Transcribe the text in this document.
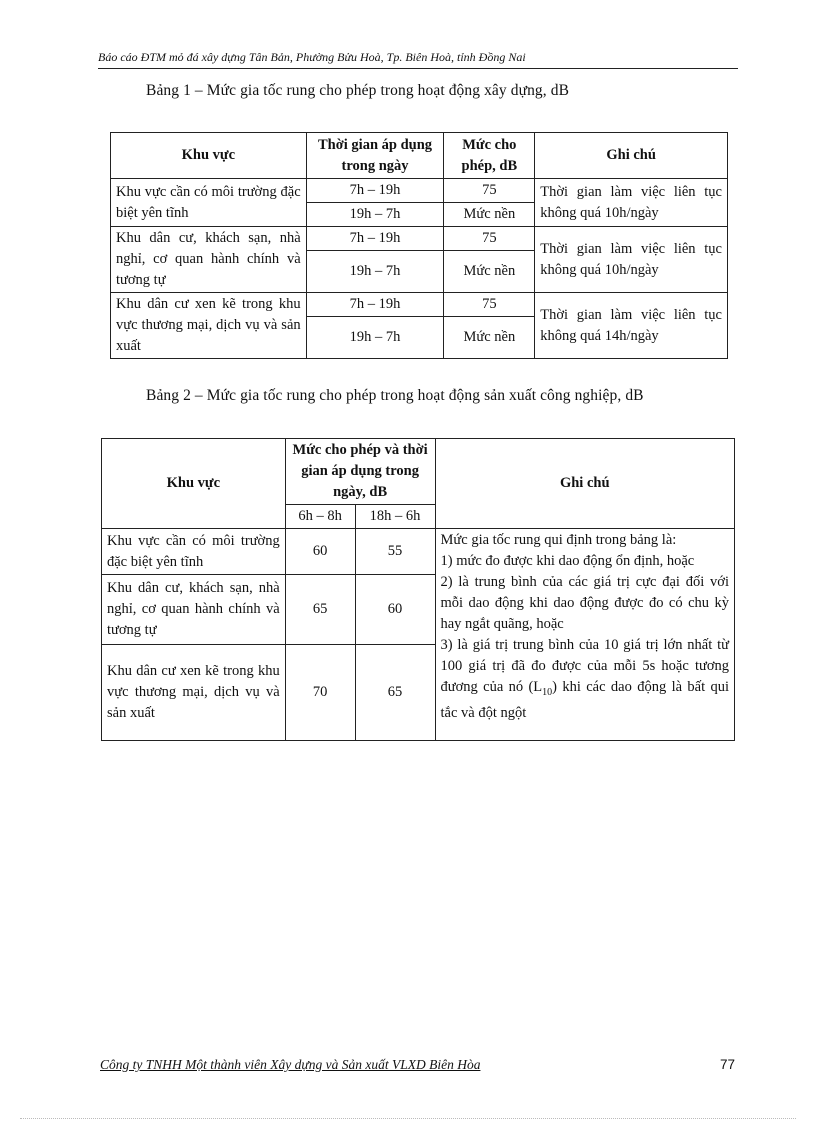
Báo cáo ĐTM mỏ đá xây dựng Tân Bản, Phường Bửu Hoà, Tp. Biên Hoà, tỉnh Đồng Nai
Bảng 1 – Mức gia tốc rung cho phép trong hoạt động xây dựng, dB
Khu vực	Thời gian áp dụng trong ngày	Mức cho phép, dB	Ghi chú
Khu vực cần có môi trường đặc biệt yên tĩnh	7h – 19h	75	Thời gian làm việc liên tục không quá 10h/ngày
	19h – 7h	Mức nền	
Khu dân cư, khách sạn, nhà nghỉ, cơ quan hành chính và tương tự	7h – 19h	75	Thời gian làm việc liên tục không quá 10h/ngày
	19h – 7h	Mức nền	
Khu dân cư xen kẽ trong khu vực thương mại, dịch vụ và sản xuất	7h – 19h	75	Thời gian làm việc liên tục không quá 14h/ngày
	19h – 7h	Mức nền	
Bảng 2 – Mức gia tốc rung cho phép trong hoạt động sản xuất công nghiệp, dB
Khu vực	Mức cho phép và thời gian áp dụng trong ngày, dB		Ghi chú
	6h – 8h	18h – 6h	
Khu vực cần có môi trường đặc biệt yên tĩnh	60	55	Mức gia tốc rung qui định trong bảng là:
1) mức đo được khi dao động ổn định, hoặc
2) là trung bình của các giá trị cực đại đối với mỗi dao động khi dao động được đo có chu kỳ hay ngắt quãng, hoặc
3) là giá trị trung bình của 10 giá trị lớn nhất từ 100 giá trị đã đo được của mỗi 5s hoặc tương đương của nó $(L_{10})$ khi các dao động là bất qui tắc và đột ngột

Khu dân cư, khách sạn, nhà nghỉ, cơ quan hành chính và tương tự	65	60	
Khu dân cư xen kẽ trong khu vực thương mại, dịch vụ và sản xuất	70	65	
Công ty TNHH Một thành viên Xây dựng và Sản xuất VLXD Biên Hòa	77
